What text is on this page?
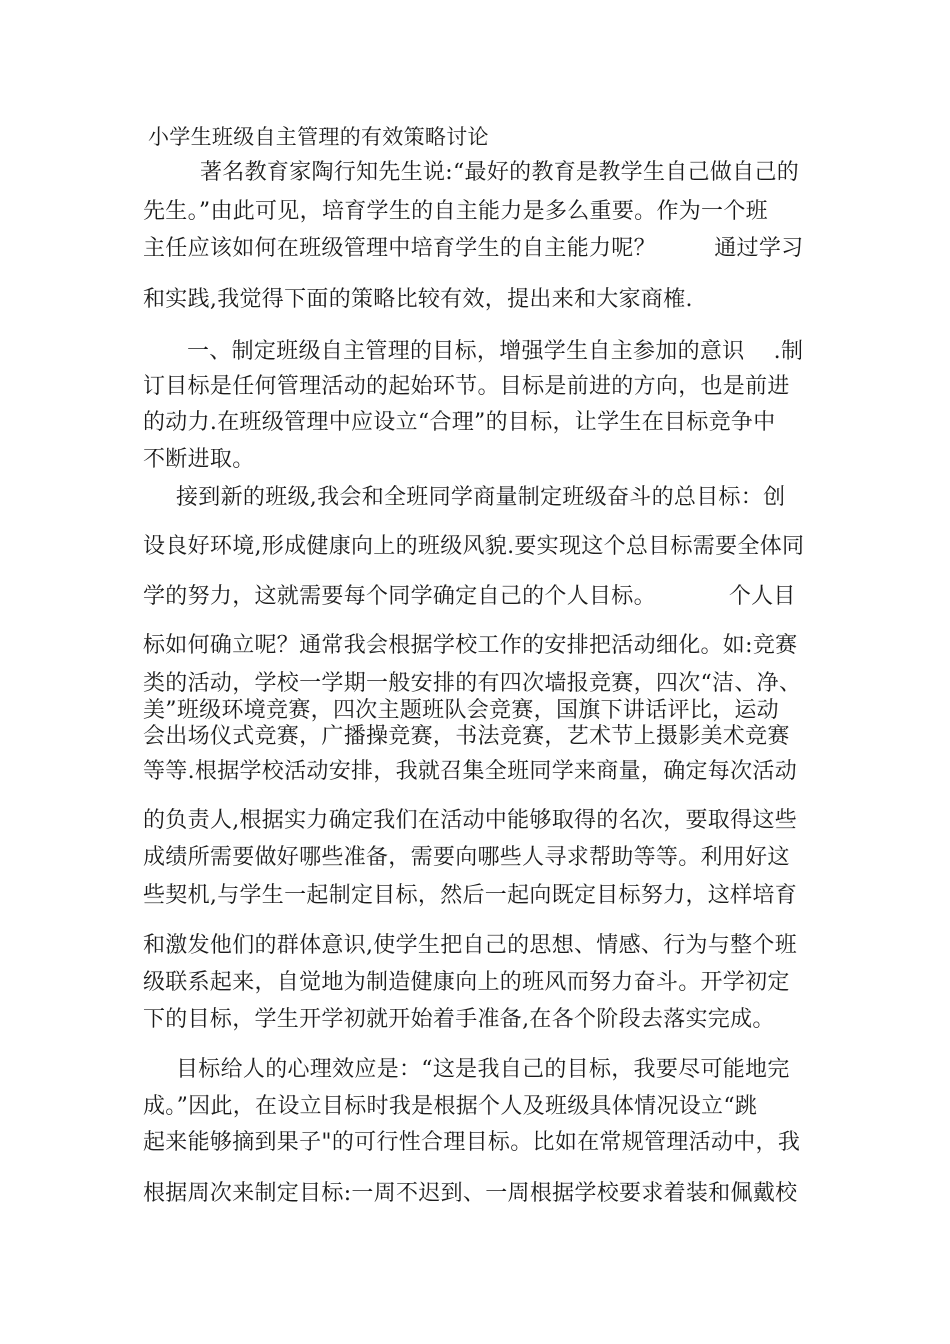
小学生班级自主管理的有效策略讨论
著名教育家陶行知先生说:“最好的教育是教学生自己做自己的
先生。”由此可见，培育学生的自主能力是多么重要。作为一个班
主任应该如何在班级管理中培育学生的自主能力呢？        通过学习
和实践,我觉得下面的策略比较有效，提出来和大家商榷.
一、制定班级自主管理的目标，增强学生自主参加的意识    .制
订目标是任何管理活动的起始环节。目标是前进的方向，也是前进
的动力.在班级管理中应设立“合理”的目标，让学生在目标竞争中
不断进取。
接到新的班级,我会和全班同学商量制定班级奋斗的总目标：创
设良好环境,形成健康向上的班级风貌.要实现这个总目标需要全体同
学的努力，这就需要每个同学确定自己的个人目标。          个人目
标如何确立呢？通常我会根据学校工作的安排把活动细化。如:竞赛
类的活动，学校一学期一般安排的有四次墙报竞赛，四次“洁、净、
美”班级环境竞赛，四次主题班队会竞赛，国旗下讲话评比，运动
会出场仪式竞赛，广播操竞赛，书法竞赛，艺术节上摄影美术竞赛
等等.根据学校活动安排，我就召集全班同学来商量，确定每次活动
的负责人,根据实力确定我们在活动中能够取得的名次，要取得这些
成绩所需要做好哪些准备，需要向哪些人寻求帮助等等。利用好这
些契机,与学生一起制定目标，然后一起向既定目标努力，这样培育
和激发他们的群体意识,使学生把自己的思想、情感、行为与整个班
级联系起来，自觉地为制造健康向上的班风而努力奋斗。开学初定
下的目标，学生开学初就开始着手准备,在各个阶段去落实完成。
目标给人的心理效应是：“这是我自己的目标，我要尽可能地完
成。”因此，在设立目标时我是根据个人及班级具体情况设立“跳
起来能够摘到果子"的可行性合理目标。比如在常规管理活动中，我
根据周次来制定目标:一周不迟到、一周根据学校要求着装和佩戴校
